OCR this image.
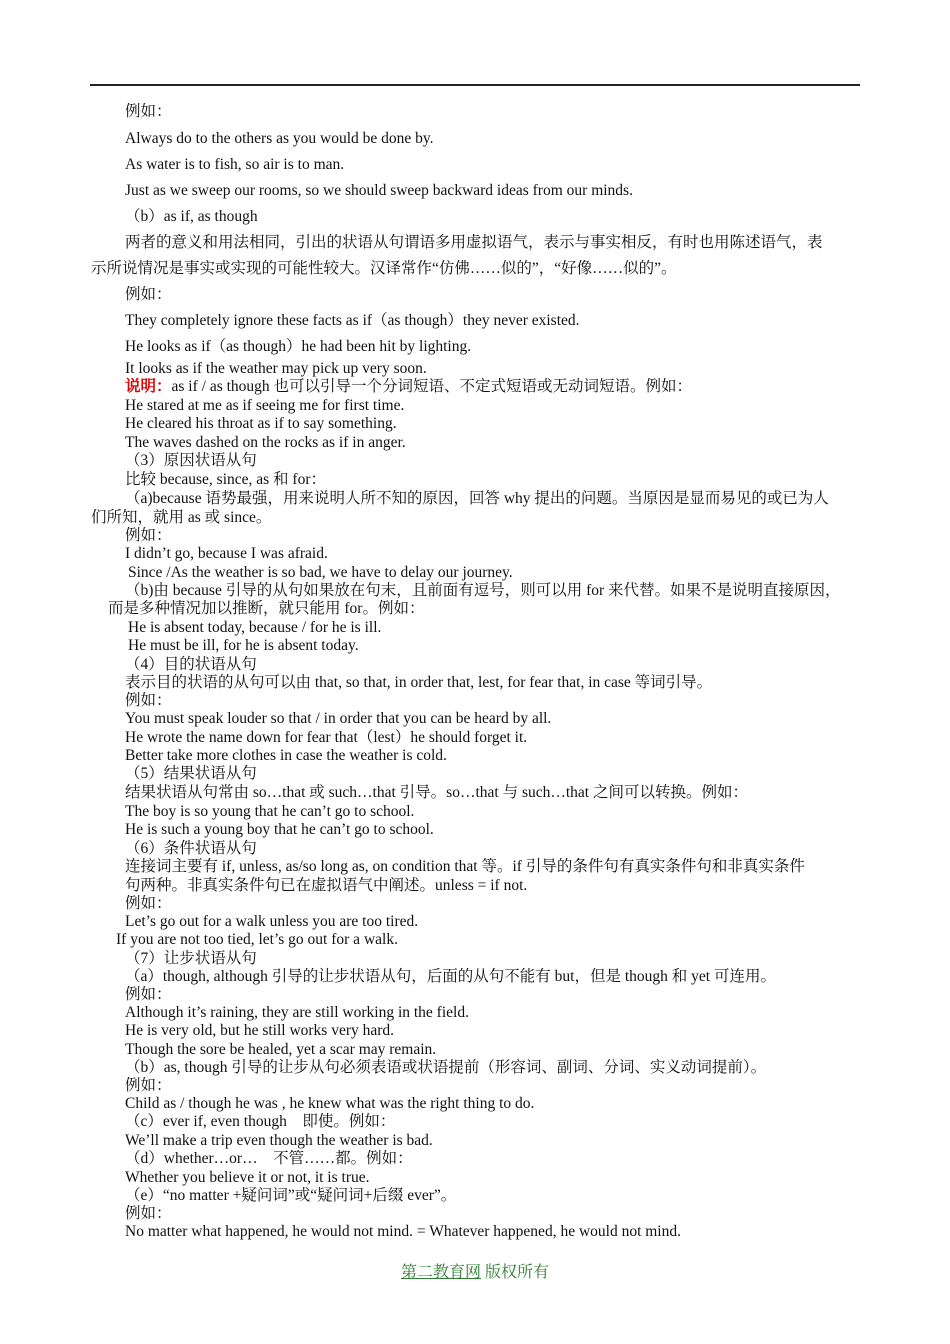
例如：
Always do to the others as you would be done by.
As water is to fish, so air is to man.
Just as we sweep our rooms, so we should sweep backward ideas from our minds.
（b）as if, as though
两者的意义和用法相同，引出的状语从句谓语多用虚拟语气，表示与事实相反，有时也用陈述语气，表
示所说情况是事实或实现的可能性较大。汉译常作“仿佛……似的”，“好像……似的”。
例如：
They completely ignore these facts as if（as though）they never existed.
He looks as if（as though）he had been hit by lighting.
It looks as if the weather may pick up very soon.
说明：as if / as though 也可以引导一个分词短语、不定式短语或无动词短语。例如：
He stared at me as if seeing me for first time.
He cleared his throat as if to say something.
The waves dashed on the rocks as if in anger.
（3）原因状语从句
比较 because, since, as 和 for：
（a)because 语势最强，用来说明人所不知的原因，回答 why 提出的问题。当原因是显而易见的或已为人
们所知，就用 as 或 since。
例如：
I didn’t go, because I was afraid.
Since /As the weather is so bad, we have to delay our journey.
（b)由 because 引导的从句如果放在句末，且前面有逗号，则可以用 for 来代替。如果不是说明直接原因，
而是多种情况加以推断，就只能用 for。例如：
He is absent today, because / for he is ill.
He must be ill, for he is absent today.
（4）目的状语从句
表示目的状语的从句可以由 that, so that, in order that, lest, for fear that, in case 等词引导。
例如：
You must speak louder so that / in order that you can be heard by all.
He wrote the name down for fear that（lest）he should forget it.
Better take more clothes in case the weather is cold.
（5）结果状语从句
结果状语从句常由 so…that 或 such…that 引导。so…that 与 such…that 之间可以转换。例如：
The boy is so young that he can’t go to school.
He is such a young boy that he can’t go to school.
（6）条件状语从句
连接词主要有 if, unless, as/so long as, on condition that 等。if 引导的条件句有真实条件句和非真实条件
句两种。非真实条件句已在虚拟语气中阐述。unless = if not.
例如：
Let’s go out for a walk unless you are too tired.
If you are not too tied, let’s go out for a walk.
（7）让步状语从句
（a）though, although 引导的让步状语从句，后面的从句不能有 but，但是 though 和 yet 可连用。
例如：
Although it’s raining, they are still working in the field.
He is very old, but he still works very hard.
Though the sore be healed, yet a scar may remain.
（b）as, though 引导的让步从句必须表语或状语提前（形容词、副词、分词、实义动词提前）。
例如：
Child as / though he was , he knew what was the right thing to do.
（c）ever if, even though　即使。例如：
We’ll make a trip even though the weather is bad.
（d）whether…or…　不管……都。例如：
Whether you believe it or not, it is true.
（e）“no matter +疑问词”或“疑问词+后缀 ever”。
例如：
No matter what happened, he would not mind. = Whatever happened, he would not mind.
第二教育网 版权所有
